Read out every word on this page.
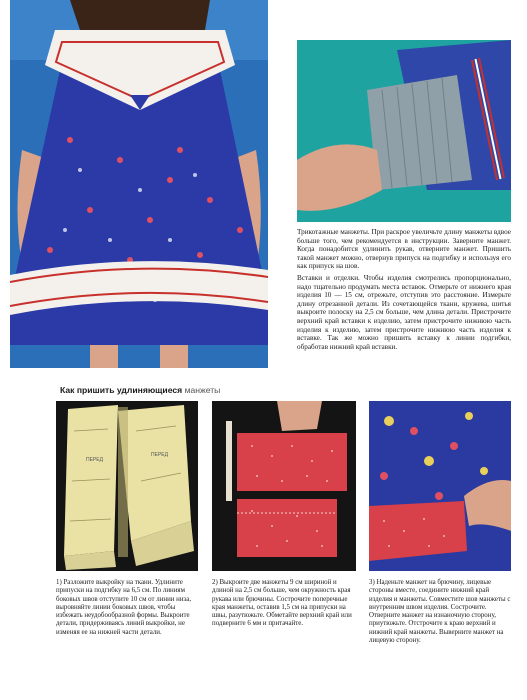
Трикотажные манжеты. При раскрое увеличьте длину манжеты вдвое больше того, чем рекомендуется в инструкции. Заверните манжет. Когда понадобится удлинить рукав, отверните манжет. Пришить такой манжет можно, отвернув припуск на подгибку и используя его как припуск на шов.

Вставки и отделки. Чтобы изделия смотрелись пропорционально, надо тщательно продумать места вставок. Отмерьте от нижнего края изделия 10 — 15 см, отрежьте, отступив это расстояние. Измерьте длину отрезанной детали. Из сочетающейся ткани, кружева, шитья выкроите полоску на 2,5 см больше, чем длина детали. Пристрочите верхний край вставки к изделию, затем пристрочите нижнюю часть изделия к изделию, затем пристрочите нижнюю часть изделия к вставке. Так же можно пришить вставку к линии подгибки, обработав нижний край вставки.

Как пришить удлиняющиеся манжеты
ПЕРЕД
ПЕРЕД
1) Разложите выкройку на ткани. Удлините припуски на подгибку на 6,5 см. По линиям боковых швов отступите 10 см от линии низа, выровняйте линии боковых швов, чтобы избежать неудобообразной формы. Выкроите детали, придерживаясь линий выкройки, не изменяя ее на нижней части детали.
2) Выкроите две манжеты 9 см шириной и длиной на 2,5 см больше, чем окружность края рукава или брючины. Сострочите поперечные края манжеты, оставив 1,5 см на припуски на швы, разутюжьте. Обметайте верхний край или подверните 6 мм и притачайте.
3) Наденьте манжет на брючину, лицевые стороны вместе, соедините нижний край изделия и манжеты. Совместите шов манжеты с внутренним швом изделия. Сострочите. Отверните манжет на изнаночную сторону, приутюжьте. Отстрочите к краю верхний и нижний край манжеты. Выверните манжет на лицевую сторону.
